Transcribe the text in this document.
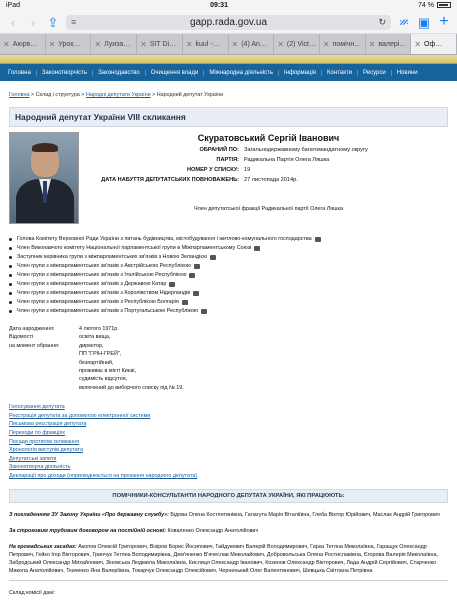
iPad	09:31	74 %
‹	› ⇪ ≡	gapp.rada.gov.ua	↻ 𝄏 ▣ +
✕ Аюрв… ✕ Урок… ✕ Луиза… ✕ SIT Di… ✕ kuul -… ✕ (4) An… ✕ (2) Vict… ✕ помічн… ✕ валері… ✕ Оф…
Головна	Законотворчість	Законодавство	Очищення влади	Міжнародна діяльність	Інформація	Контакти	Ресурси	Новини
Головна > Склад і структура > Народні депутати України > Народний депутат України
Народний депутат України VIII скликання
Скуратовський Сергій Іванович
ОБРАНИЙ ПО: Загальнодержавному багатомандатному округу
ПАРТІЯ: Радикальна Партія Олега Ляшка
НОМЕР У СПИСКУ: 19
ДАТА НАБУТТЯ ДЕПУТАТСЬКИХ ПОВНОВАЖЕНЬ: 27 листопада 2014р.
Член депутатської фракції Радикальної партії Олега Ляшка
Голова Комітету Верховної Ради України з питань будівництва, містобудування і житлово-комунального господарства
Член Виконавчого комітету Національної парламентської групи в Міжпарламентському Союзі
Заступник керівника групи з міжпарламентських зв'язків з Новою Зеландією
Член групи з міжпарламентських зв'язків з Австрійською Республікою
Член групи з міжпарламентських зв'язків з Італійською Республікою
Член групи з міжпарламентських зв'язків з Державою Катар
Член групи з міжпарламентських зв'язків з Королівством Нідерландів
Член групи з міжпарламентських зв'язків з Республікою Болгарія
Член групи з міжпарламентських зв'язків з Португальською Республікою
Дата народження:
Відомості
на момент обрання:
4 лютого 1971р.
освіта вища,
директор,
ПП "ГРІН-ГРЕЙ",
безпартійний,
проживає в місті Києві,
судимість відсутня,
включений до виборчого списку під № 19.
Голосування депутата
Реєстрація депутата за допомогою електронної системи
Письмова реєстрація депутата
Переходи по фракціях
Посади протягом скликання
Хронологія виступів депутата
Депутатські запити
Законотворча діяльність
Декларації про доходи (оприлюднюється на прохання народного депутата)
ПОМІЧНИКИ-КОНСУЛЬТАНТИ НАРОДНОГО ДЕПУТАТА УКРАЇНИ, ЯКІ ПРАЦЮЮТЬ:

З покладенням ЗУ Закону України «Про державну службу»: Бідова Олена Костянтинівна, Галагута Марія Віталіївна, Глеба Віктор Юрійович, Маслак Андрій Григорович

За строковим трудовим договором на постійній основі: Коваленко Олександр Анатолійович

На громадських засадах: Акопов Олексій Григорович, Візіров Борис Йосипович, Гайдукевич Валерій Володимирович, Гараз Тетяна Миколаївна, Гаращук Олександр Петрович, Гейко Ігор Вікторович, Гринчук Тетяна Володимирівна, Дем'яненко В'ячеслав Миколайович, Добровольська Олена Ростиславівна, Єгорова Валерія Миколаївна, Забродський Олександр Михайлович, Зіновська Людмила Миколаївна, Кислиця Олександр Іванович, Козинов Олександр Вікторович, Лада Андрій Сергійович, Старченко Микола Анатолійович, Ткаченко Яна Валеріївна, Токарчук Олександр Олексійович, Черненький Олег Валентинович, Шевцька Світлана Петрівна

Склад комісії дані:
